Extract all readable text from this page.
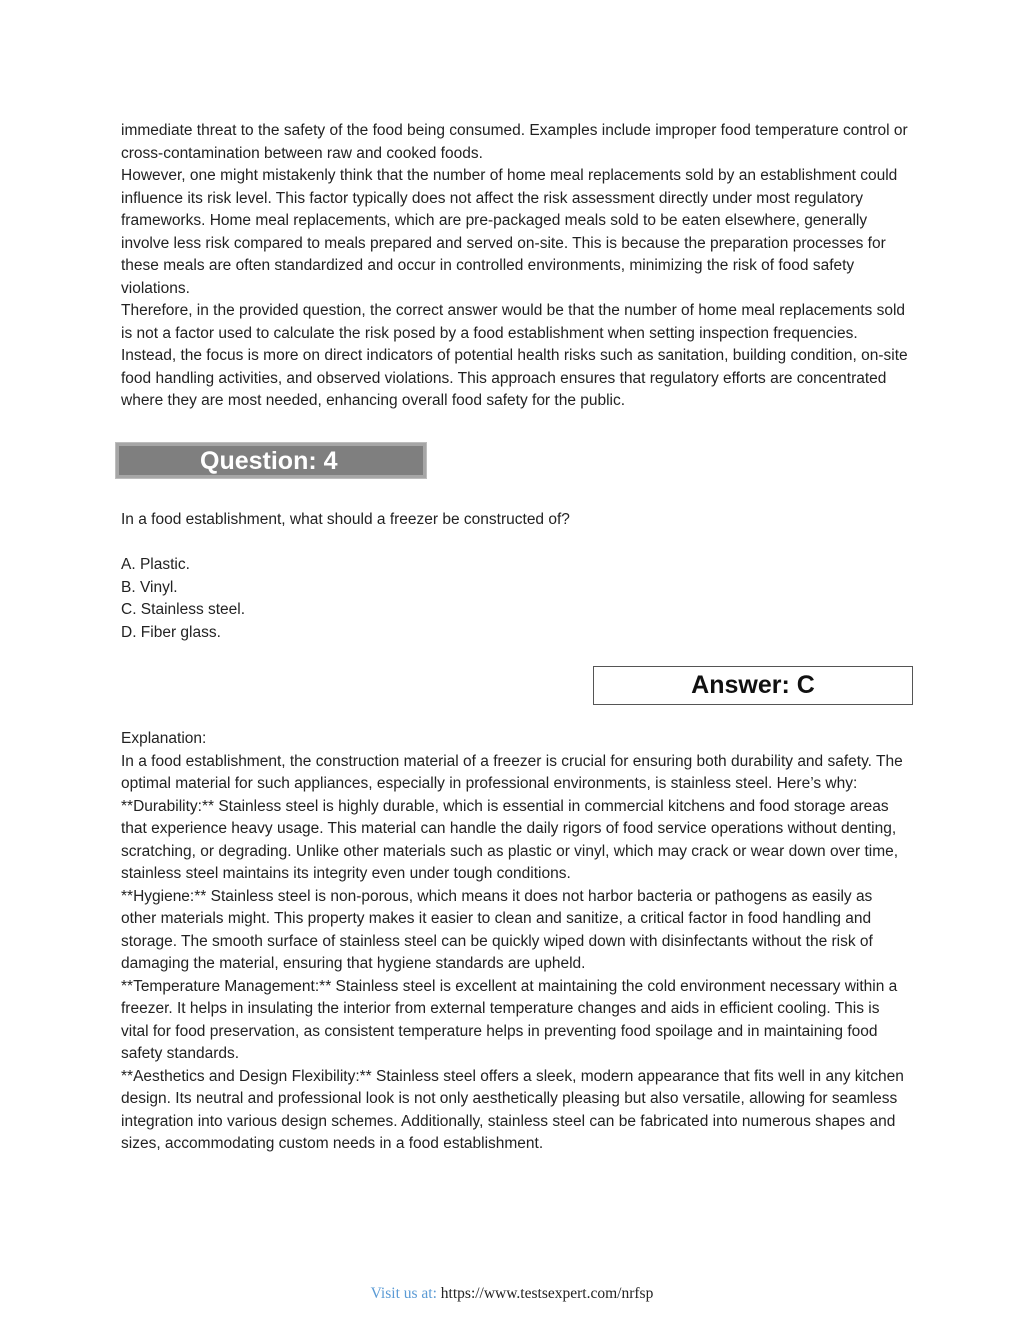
immediate threat to the safety of the food being consumed. Examples include improper food temperature control or cross-contamination between raw and cooked foods.

However, one might mistakenly think that the number of home meal replacements sold by an establishment could influence its risk level. This factor typically does not affect the risk assessment directly under most regulatory frameworks. Home meal replacements, which are pre-packaged meals sold to be eaten elsewhere, generally involve less risk compared to meals prepared and served on-site. This is because the preparation processes for these meals are often standardized and occur in controlled environments, minimizing the risk of food safety violations.

Therefore, in the provided question, the correct answer would be that the number of home meal replacements sold is not a factor used to calculate the risk posed by a food establishment when setting inspection frequencies. Instead, the focus is more on direct indicators of potential health risks such as sanitation, building condition, on-site food handling activities, and observed violations. This approach ensures that regulatory efforts are concentrated where they are most needed, enhancing overall food safety for the public.

Question: 4

In a food establishment, what should a freezer be constructed of?

A. Plastic.

B. Vinyl.

C. Stainless steel.

D. Fiber glass.

Answer: C

Explanation:

In a food establishment, the construction material of a freezer is crucial for ensuring both durability and safety. The optimal material for such appliances, especially in professional environments, is stainless steel. Here’s why:

**Durability:** Stainless steel is highly durable, which is essential in commercial kitchens and food storage areas that experience heavy usage. This material can handle the daily rigors of food service operations without denting, scratching, or degrading. Unlike other materials such as plastic or vinyl, which may crack or wear down over time, stainless steel maintains its integrity even under tough conditions.

**Hygiene:** Stainless steel is non-porous, which means it does not harbor bacteria or pathogens as easily as other materials might. This property makes it easier to clean and sanitize, a critical factor in food handling and storage. The smooth surface of stainless steel can be quickly wiped down with disinfectants without the risk of damaging the material, ensuring that hygiene standards are upheld.

**Temperature Management:** Stainless steel is excellent at maintaining the cold environment necessary within a freezer. It helps in insulating the interior from external temperature changes and aids in efficient cooling. This is vital for food preservation, as consistent temperature helps in preventing food spoilage and in maintaining food safety standards.

**Aesthetics and Design Flexibility:** Stainless steel offers a sleek, modern appearance that fits well in any kitchen design. Its neutral and professional look is not only aesthetically pleasing but also versatile, allowing for seamless integration into various design schemes. Additionally, stainless steel can be fabricated into numerous shapes and sizes, accommodating custom needs in a food establishment.

Visit us at: https://www.testsexpert.com/nrfsp
